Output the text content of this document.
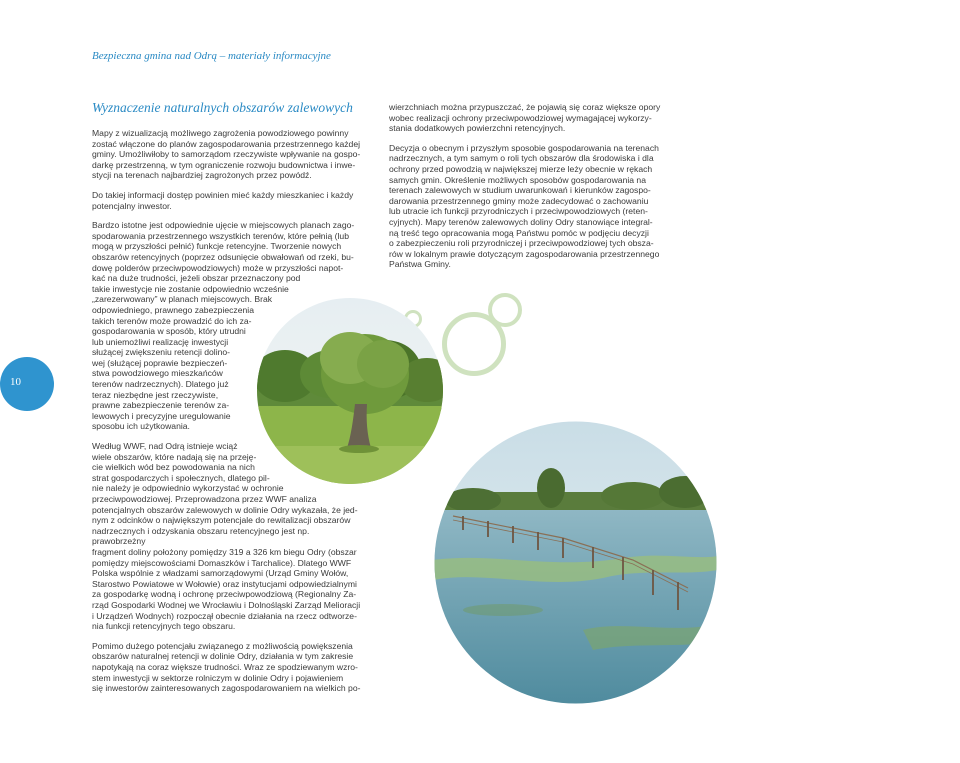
Bezpieczna gmina nad Odrą – materiały informacyjne
Wyznaczenie naturalnych obszarów zalewowych

Mapy z wizualizacją możliwego zagrożenia powodziowego powinny
zostać włączone do planów zagospodarowania przestrzennego każdej
gminy. Umożliwiłoby to samorządom rzeczywiste wpływanie na gospo-
darkę przestrzenną, w tym ograniczenie rozwoju budownictwa i inwe-
stycji na terenach najbardziej zagrożonych przez powódź.

Do takiej informacji dostęp powinien mieć każdy mieszkaniec i każdy
potencjalny inwestor.

Bardzo istotne jest odpowiednie ujęcie w miejscowych planach zago-
spodarowania przestrzennego wszystkich terenów, które pełnią (lub
mogą w przyszłości pełnić) funkcje retencyjne. Tworzenie nowych
obszarów retencyjnych (poprzez odsunięcie obwałowań od rzeki, bu-
dowę polderów przeciwpowodziowych) może w przyszłości napot-
kać na duże trudności, jeżeli obszar przeznaczony pod
takie inwestycje nie zostanie odpowiednio wcześnie
„zarezerwowany” w planach miejscowych. Brak
odpowiedniego, prawnego zabezpieczenia
takich terenów może prowadzić do ich za-
gospodarowania w sposób, który utrudni
lub uniemożliwi realizację inwestycji
służącej zwiększeniu retencji dolino-
wej (służącej poprawie bezpieczeń-
stwa powodziowego mieszkańców
terenów nadrzecznych). Dlatego już
teraz niezbędne jest rzeczywiste,
prawne zabezpieczenie terenów za-
lewowych i precyzyjne uregulowanie
sposobu ich użytkowania.

Według WWF, nad Odrą istnieje wciąż
wiele obszarów, które nadają się na przeję-
cie wielkich wód bez powodowania na nich
strat gospodarczych i społecznych, dlatego pil-
nie należy je odpowiednio wykorzystać w ochronie
przeciwpowodziowej. Przeprowadzona przez WWF analiza
potencjalnych obszarów zalewowych w dolinie Odry wykazała, że jed-
nym z odcinków o największym potencjale do rewitalizacji obszarów
nadrzecznych i odzyskania obszaru retencyjnego jest np. prawobrzeżny
fragment doliny położony pomiędzy 319 a 326 km biegu Odry (obszar
pomiędzy miejscowościami Domaszków i Tarchalice). Dlatego WWF
Polska wspólnie z władzami samorządowymi (Urząd Gminy Wołów,
Starostwo Powiatowe w Wołowie) oraz instytucjami odpowiedzialnymi
za gospodarkę wodną i ochronę przeciwpowodziową (Regionalny Za-
rząd Gospodarki Wodnej we Wrocławiu i Dolnośląski Zarząd Melioracji
i Urządzeń Wodnych) rozpoczął obecnie działania na rzecz odtworze-
nia funkcji retencyjnych tego obszaru.

Pomimo dużego potencjału związanego z możliwością powiększenia
obszarów naturalnej retencji w dolinie Odry, działania w tym zakresie
napotykają na coraz większe trudności. Wraz ze spodziewanym wzro-
stem inwestycji w sektorze rolniczym w dolinie Odry i pojawieniem
się inwestorów zainteresowanych zagospodarowaniem na wielkich po-

wierzchniach można przypuszczać, że pojawią się coraz większe opory
wobec realizacji ochrony przeciwpowodziowej wymagającej wykorzy-
stania dodatkowych powierzchni retencyjnych.

Decyzja o obecnym i przyszłym sposobie gospodarowania na terenach
nadrzecznych, a tym samym o roli tych obszarów dla środowiska i dla
ochrony przed powodzią w największej mierze leży obecnie w rękach
samych gmin. Określenie możliwych sposobów gospodarowania na
terenach zalewowych w studium uwarunkowań i kierunków zagospo-
darowania przestrzennego gminy może zadecydować o zachowaniu
lub utracie ich funkcji przyrodniczych i przeciwpowodziowych (reten-
cyjnych). Mapy terenów zalewowych doliny Odry stanowiące integral-
ną treść tego opracowania mogą Państwu pomóc w podjęciu decyzji
o zabezpieczeniu roli przyrodniczej i przeciwpowodziowej tych obsza-
rów w lokalnym prawie dotyczącym zagospodarowania przestrzennego
Państwa Gminy.

10
